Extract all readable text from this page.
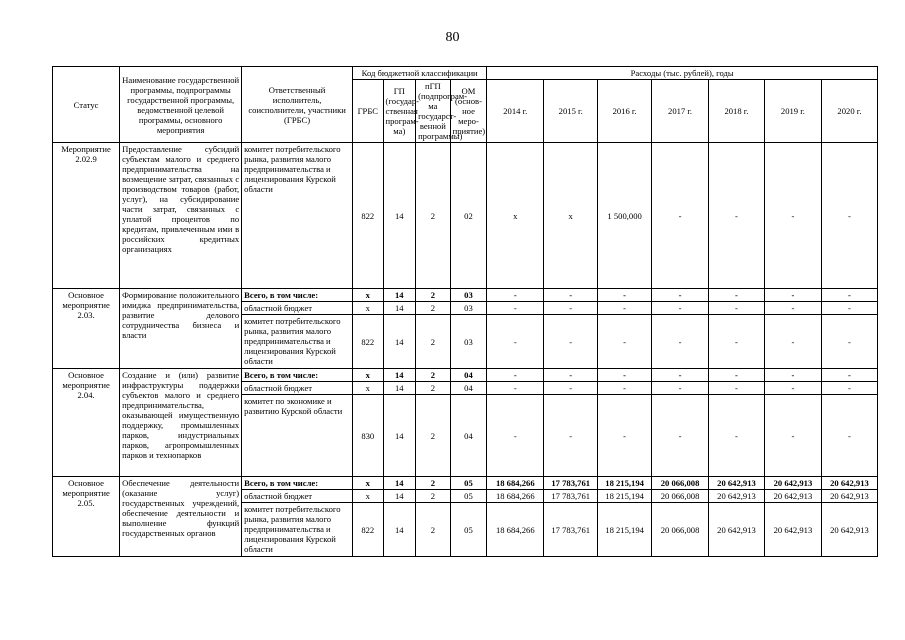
80
Статус	Наименование государственной программы, подпрограммы государственной программы, ведомственной целевой программы, основного мероприятия	Ответственный исполнитель, соисполнители, участники (ГРБС)	Код бюджетной классификации				Расходы (тыс. рублей), годы						
			ГРБС	ГП (государ-ственная програм-ма)	пГП (подпрограм-ма государст-венной программы)	ОМ (основ-ное меро-приятие)	2014 г.	2015 г.	2016 г.	2017 г.	2018 г.	2019 г.	2020 г.
Мероприятие 2.02.9	Предоставление субсидий субъектам малого и среднего предпринимательства на возмещение затрат, связанных с производством товаров (работ, услуг), на субсидирование части затрат, связанных с уплатой процентов по кредитам, привлеченным ими в российских кредитных организациях	комитет потребительского рынка, развития малого предпринимательства и лицензирования Курской области	822	14	2	02	x	x	1 500,000	-	-	-	-
Основное мероприятие 2.03.	Формирование положительного имиджа предпринимательства, развитие делового сотрудничества бизнеса и власти	Всего, в том числе:	х	14	2	03	-	-	-	-	-	-	-
		областной бюджет	х	14	2	03	-	-	-	-	-	-	-
		комитет потребительского рынка, развития малого предпринимательства и лицензирования Курской области	822	14	2	03	-	-	-	-	-	-	-
Основное мероприятие 2.04.	Создание и (или) развитие инфраструктуры поддержки субъектов малого и среднего предпринимательства, оказывающей имущественную поддержку, промышленных парков, индустриальных парков, агропромышленных парков и технопарков	Всего, в том числе:	х	14	2	04	-	-	-	-	-	-	-
		областной бюджет	х	14	2	04	-	-	-	-	-	-	-
		комитет по экономике и развитию Курской области	830	14	2	04	-	-	-	-	-	-	-
Основное мероприятие 2.05.	Обеспечение деятельности (оказание услуг) государственных учреждений, обеспечение деятельности и выполнение функций государственных органов	Всего, в том числе:	х	14	2	05	18 684,266	17 783,761	18 215,194	20 066,008	20 642,913	20 642,913	20 642,913
		областной бюджет	х	14	2	05	18 684,266	17 783,761	18 215,194	20 066,008	20 642,913	20 642,913	20 642,913
		комитет потребительского рынка, развития малого предпринимательства и лицензирования Курской области	822	14	2	05	18 684,266	17 783,761	18 215,194	20 066,008	20 642,913	20 642,913	20 642,913
